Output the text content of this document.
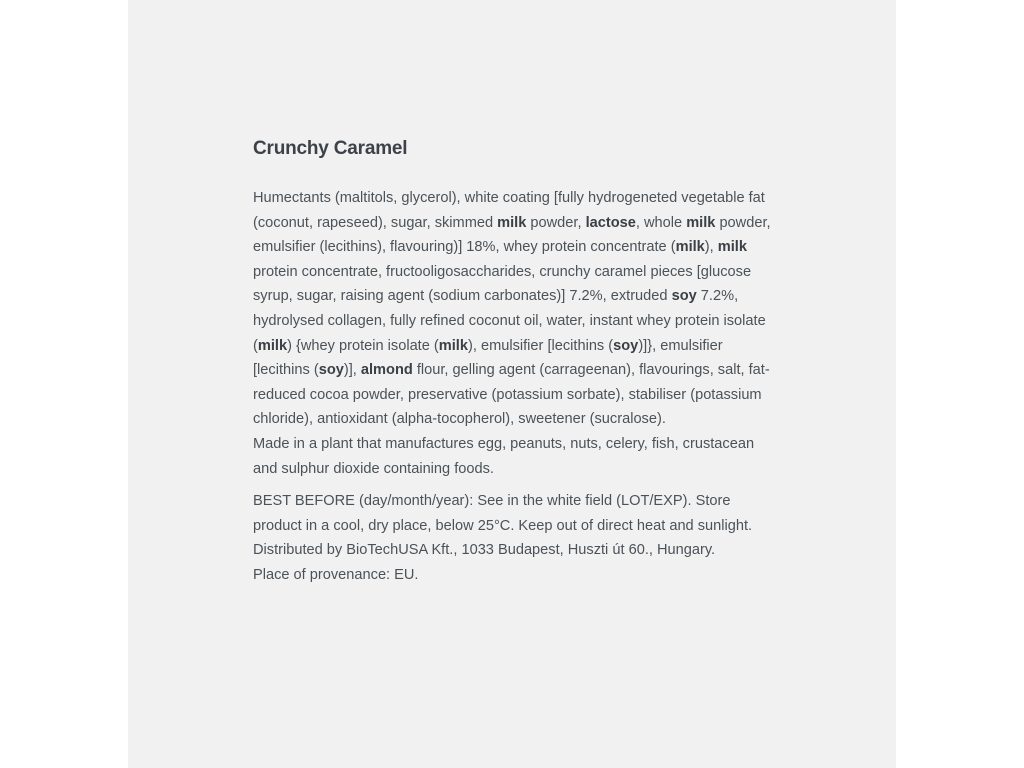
Crunchy Caramel

Humectants (maltitols, glycerol), white coating [fully hydrogeneted vegetable fat (coconut, rapeseed), sugar, skimmed milk powder, lactose, whole milk powder, emulsifier (lecithins), flavouring)] 18%, whey protein concentrate (milk), milk protein concentrate, fructooligosaccharides, crunchy caramel pieces [glucose syrup, sugar, raising agent (sodium carbonates)] 7.2%, extruded soy 7.2%, hydrolysed collagen, fully refined coconut oil, water, instant whey protein isolate (milk) {whey protein isolate (milk), emulsifier [lecithins (soy)]}, emulsifier [lecithins (soy)], almond flour, gelling agent (carrageenan), flavourings, salt, fat-reduced cocoa powder, preservative (potassium sorbate), stabiliser (potassium chloride), antioxidant (alpha-tocopherol), sweetener (sucralose).

Made in a plant that manufactures egg, peanuts, nuts, celery, fish, crustacean and sulphur dioxide containing foods.

BEST BEFORE (day/month/year): See in the white field (LOT/EXP). Store product in a cool, dry place, below 25°C. Keep out of direct heat and sunlight.

Distributed by BioTechUSA Kft., 1033 Budapest, Huszti út 60., Hungary.

Place of provenance: EU.
